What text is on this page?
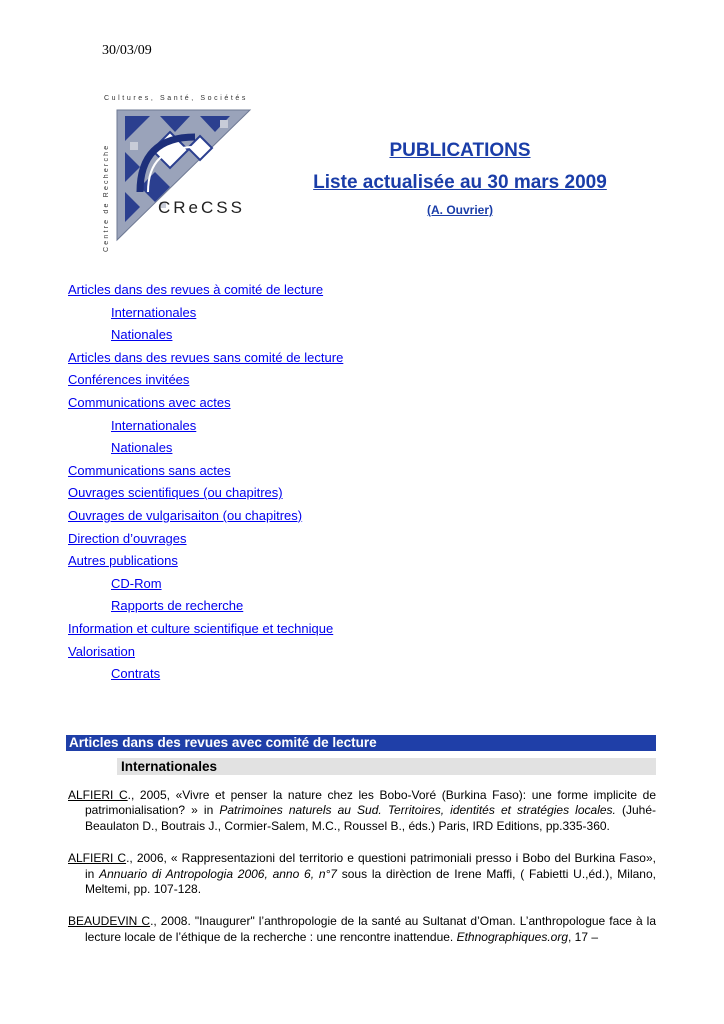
30/03/09
Cultures, Santé, Sociétés
Centre de Recherche	CReCSS
PUBLICATIONS
Liste actualisée au 30 mars 2009
(A. Ouvrier)
Articles dans des revues à comité de lecture
Internationales
Nationales
Articles dans des revues sans comité de lecture
Conférences invitées
Communications avec actes
Internationales
Nationales
Communications sans actes
Ouvrages scientifiques (ou chapitres)
Ouvrages de vulgarisaiton (ou chapitres)
Direction d’ouvrages
Autres publications
CD-Rom
Rapports de recherche
Information et culture scientifique et technique
Valorisation
Contrats
Articles dans des revues avec comité de lecture
Internationales

ALFIERI C., 2005, «Vivre et penser la nature chez les Bobo-Voré (Burkina Faso): une forme implicite de patrimonialisation? » in Patrimoines naturels au Sud. Territoires, identités et stratégies locales. (Juhé-Beaulaton D., Boutrais J., Cormier-Salem, M.C., Roussel B., éds.) Paris, IRD Editions, pp.335-360.

ALFIERI C., 2006, « Rappresentazioni del territorio e questioni patrimoniali presso i Bobo del Burkina Faso», in Annuario di Antropologia 2006, anno 6, n°7 sous la dirèction de Irene Maffi, ( Fabietti U.,éd.), Milano, Meltemi, pp. 107-128.

BEAUDEVIN C., 2008. "Inaugurer" l’anthropologie de la santé au Sultanat d’Oman. L’anthropologue face à la lecture locale de l’éthique de la recherche : une rencontre inattendue. Ethnographiques.org, 17 –
